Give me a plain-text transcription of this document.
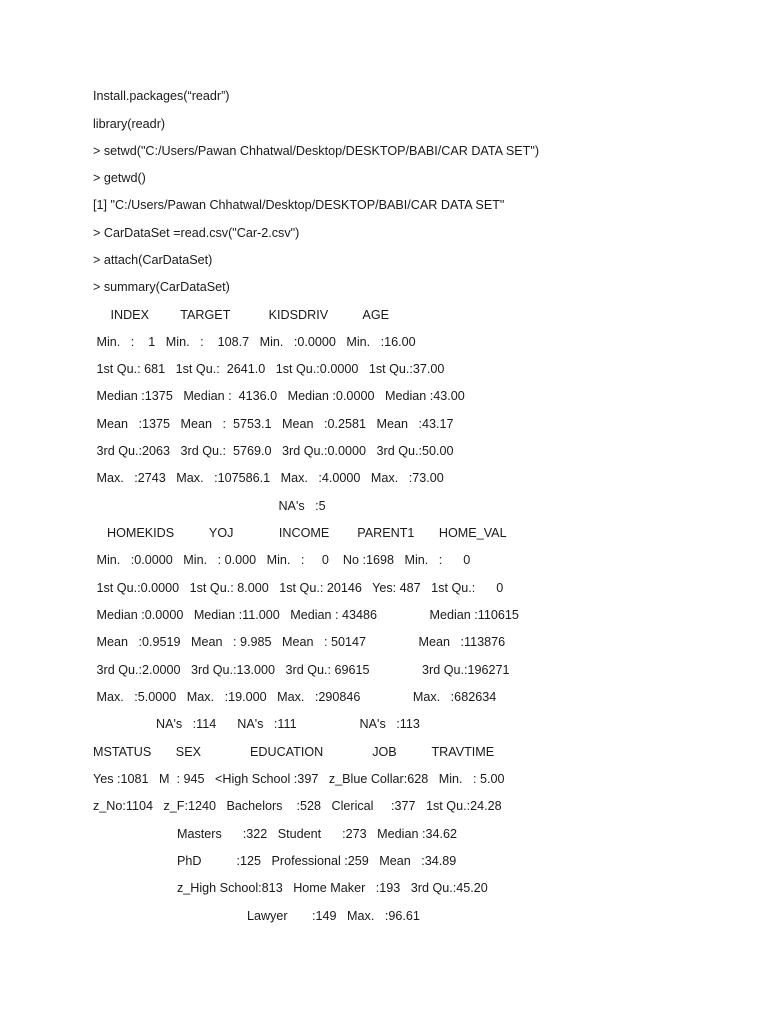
Install.packages(“readr”)
library(readr)
> setwd("C:/Users/Pawan Chhatwal/Desktop/DESKTOP/BABI/CAR DATA SET")
> getwd()
[1] "C:/Users/Pawan Chhatwal/Desktop/DESKTOP/BABI/CAR DATA SET"
> CarDataSet =read.csv("Car-2.csv")
> attach(CarDataSet)
> summary(CarDataSet)
INDEX         TARGET           KIDSDRIV          AGE
Min.   :    1   Min.   :    108.7   Min.   :0.0000   Min.   :16.00
1st Qu.: 681   1st Qu.:  2641.0   1st Qu.:0.0000   1st Qu.:37.00
Median :1375   Median :  4136.0   Median :0.0000   Median :43.00
Mean   :1375   Mean   :  5753.1   Mean   :0.2581   Mean   :43.17
3rd Qu.:2063   3rd Qu.:  5769.0   3rd Qu.:0.0000   3rd Qu.:50.00
Max.   :2743   Max.   :107586.1   Max.   :4.0000   Max.   :73.00
NA's   :5
HOMEKIDS          YOJ             INCOME        PARENT1       HOME_VAL
Min.   :0.0000   Min.   : 0.000   Min.   :     0    No :1698   Min.   :      0
1st Qu.:0.0000   1st Qu.: 8.000   1st Qu.: 20146   Yes: 487   1st Qu.:      0
Median :0.0000   Median :11.000   Median : 43486               Median :110615
Mean   :0.9519   Mean   : 9.985   Mean   : 50147               Mean   :113876
3rd Qu.:2.0000   3rd Qu.:13.000   3rd Qu.: 69615               3rd Qu.:196271
Max.   :5.0000   Max.   :19.000   Max.   :290846               Max.   :682634
NA's   :114      NA's   :111                  NA's   :113
MSTATUS       SEX              EDUCATION              JOB          TRAVTIME
Yes :1081   M  : 945   <High School :397   z_Blue Collar:628   Min.   : 5.00
z_No:1104   z_F:1240   Bachelors    :528   Clerical     :377   1st Qu.:24.28
Masters      :322   Student      :273   Median :34.62
PhD          :125   Professional :259   Mean   :34.89
z_High School:813   Home Maker   :193   3rd Qu.:45.20
Lawyer       :149   Max.   :96.61
